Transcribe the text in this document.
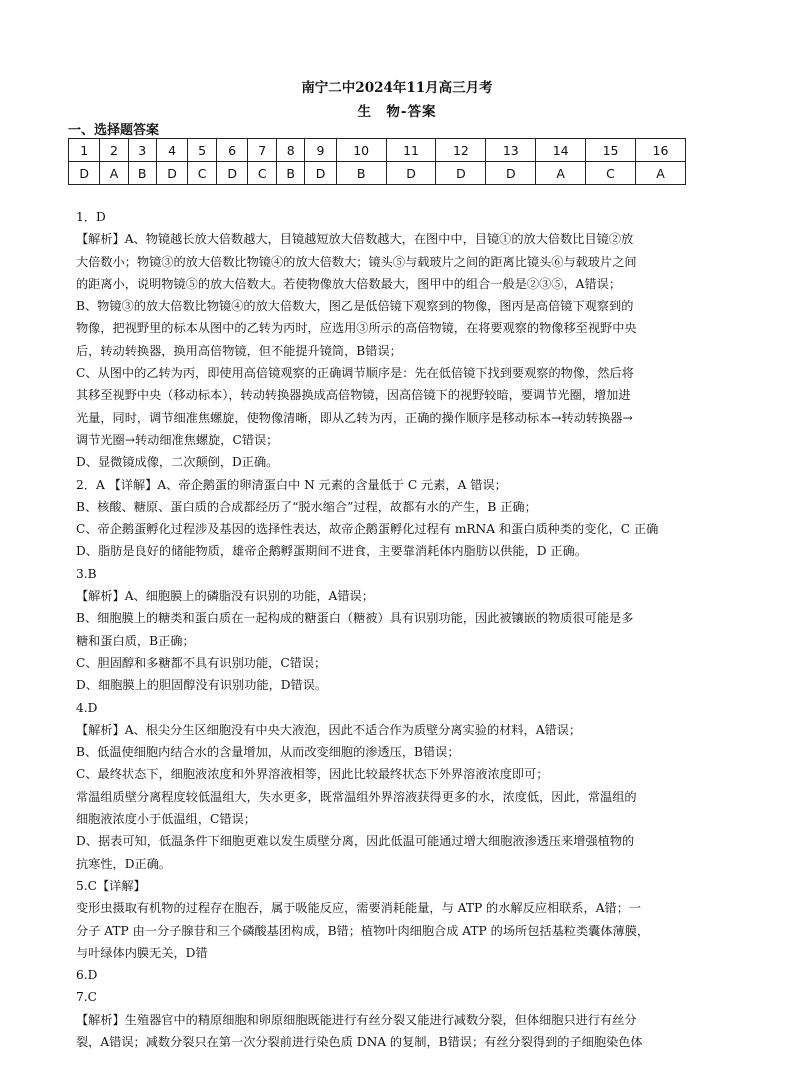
南宁二中2024年11月高三月考
生　物-答案
一、选择题答案
1	2	3	4	5	6	7	8	9	10	11	12	13	14	15	16
D	A	B	D	C	D	C	B	D	B	D	D	D	A	C	A

1．D

【解析】A、物镜越长放大倍数越大，目镜越短放大倍数越大，在图中中，目镜①的放大倍数比目镜②放

大倍数小；物镜③的放大倍数比物镜④的放大倍数大；镜头⑤与载玻片之间的距离比镜头⑥与载玻片之间

的距离小，说明物镜⑤的放大倍数大。若使物像放大倍数最大，图甲中的组合一般是②③⑤，A错误；

B、物镜③的放大倍数比物镜④的放大倍数大，图乙是低倍镜下观察到的物像，图丙是高倍镜下观察到的

物像，把视野里的标本从图中的乙转为丙时，应选用③所示的高倍物镜，在将要观察的物像移至视野中央

后，转动转换器，换用高倍物镜，但不能提升镜筒，B错误；

C、从图中的乙转为丙，即使用高倍镜观察的正确调节顺序是：先在低倍镜下找到要观察的物像，然后将

其移至视野中央（移动标本），转动转换器换成高倍物镜，因高倍镜下的视野较暗，要调节光圈，增加进

光量，同时，调节细准焦螺旋，使物像清晰，即从乙转为丙，正确的操作顺序是移动标本→转动转换器→

调节光圈→转动细准焦螺旋，C错误；

D、显微镜成像，二次颠倒，D正确。

2．A 【详解】A、帝企鹅蛋的卵清蛋白中 N 元素的含量低于 C 元素，A 错误；

B、核酸、糖原、蛋白质的合成都经历了“脱水缩合”过程，故都有水的产生，B 正确；

C、帝企鹅蛋孵化过程涉及基因的选择性表达，故帝企鹅蛋孵化过程有 mRNA 和蛋白质种类的变化，C 正确

D、脂肪是良好的储能物质，雄帝企鹅孵蛋期间不进食，主要靠消耗体内脂肪以供能，D 正确。

3.B

【解析】A、细胞膜上的磷脂没有识别的功能，A错误；

B、细胞膜上的糖类和蛋白质在一起构成的糖蛋白（糖被）具有识别功能，因此被镶嵌的物质很可能是多

糖和蛋白质，B正确；

C、胆固醇和多糖都不具有识别功能，C错误；

D、细胞膜上的胆固醇没有识别功能，D错误。

4.D

【解析】A、根尖分生区细胞没有中央大液泡，因此不适合作为质壁分离实验的材料，A错误；

B、低温使细胞内结合水的含量增加，从而改变细胞的渗透压，B错误；

C、最终状态下，细胞液浓度和外界溶液相等，因此比较最终状态下外界溶液浓度即可；

常温组质壁分离程度较低温组大，失水更多，既常温组外界溶液获得更多的水，浓度低，因此，常温组的

细胞液浓度小于低温组，C错误；

D、据表可知，低温条件下细胞更难以发生质壁分离，因此低温可能通过增大细胞液渗透压来增强植物的

抗寒性，D正确。

5.C【详解】

变形虫摄取有机物的过程存在胞吞，属于吸能反应，需要消耗能量，与 ATP 的水解反应相联系，A错；一

分子 ATP 由一分子腺苷和三个磷酸基团构成，B错；植物叶肉细胞合成 ATP 的场所包括基粒类囊体薄膜，

与叶绿体内膜无关，D错

6.D

7.C

【解析】生殖器官中的精原细胞和卵原细胞既能进行有丝分裂又能进行减数分裂，但体细胞只进行有丝分

裂，A错误；减数分裂只在第一次分裂前进行染色质 DNA 的复制，B错误；有丝分裂得到的子细胞染色体
